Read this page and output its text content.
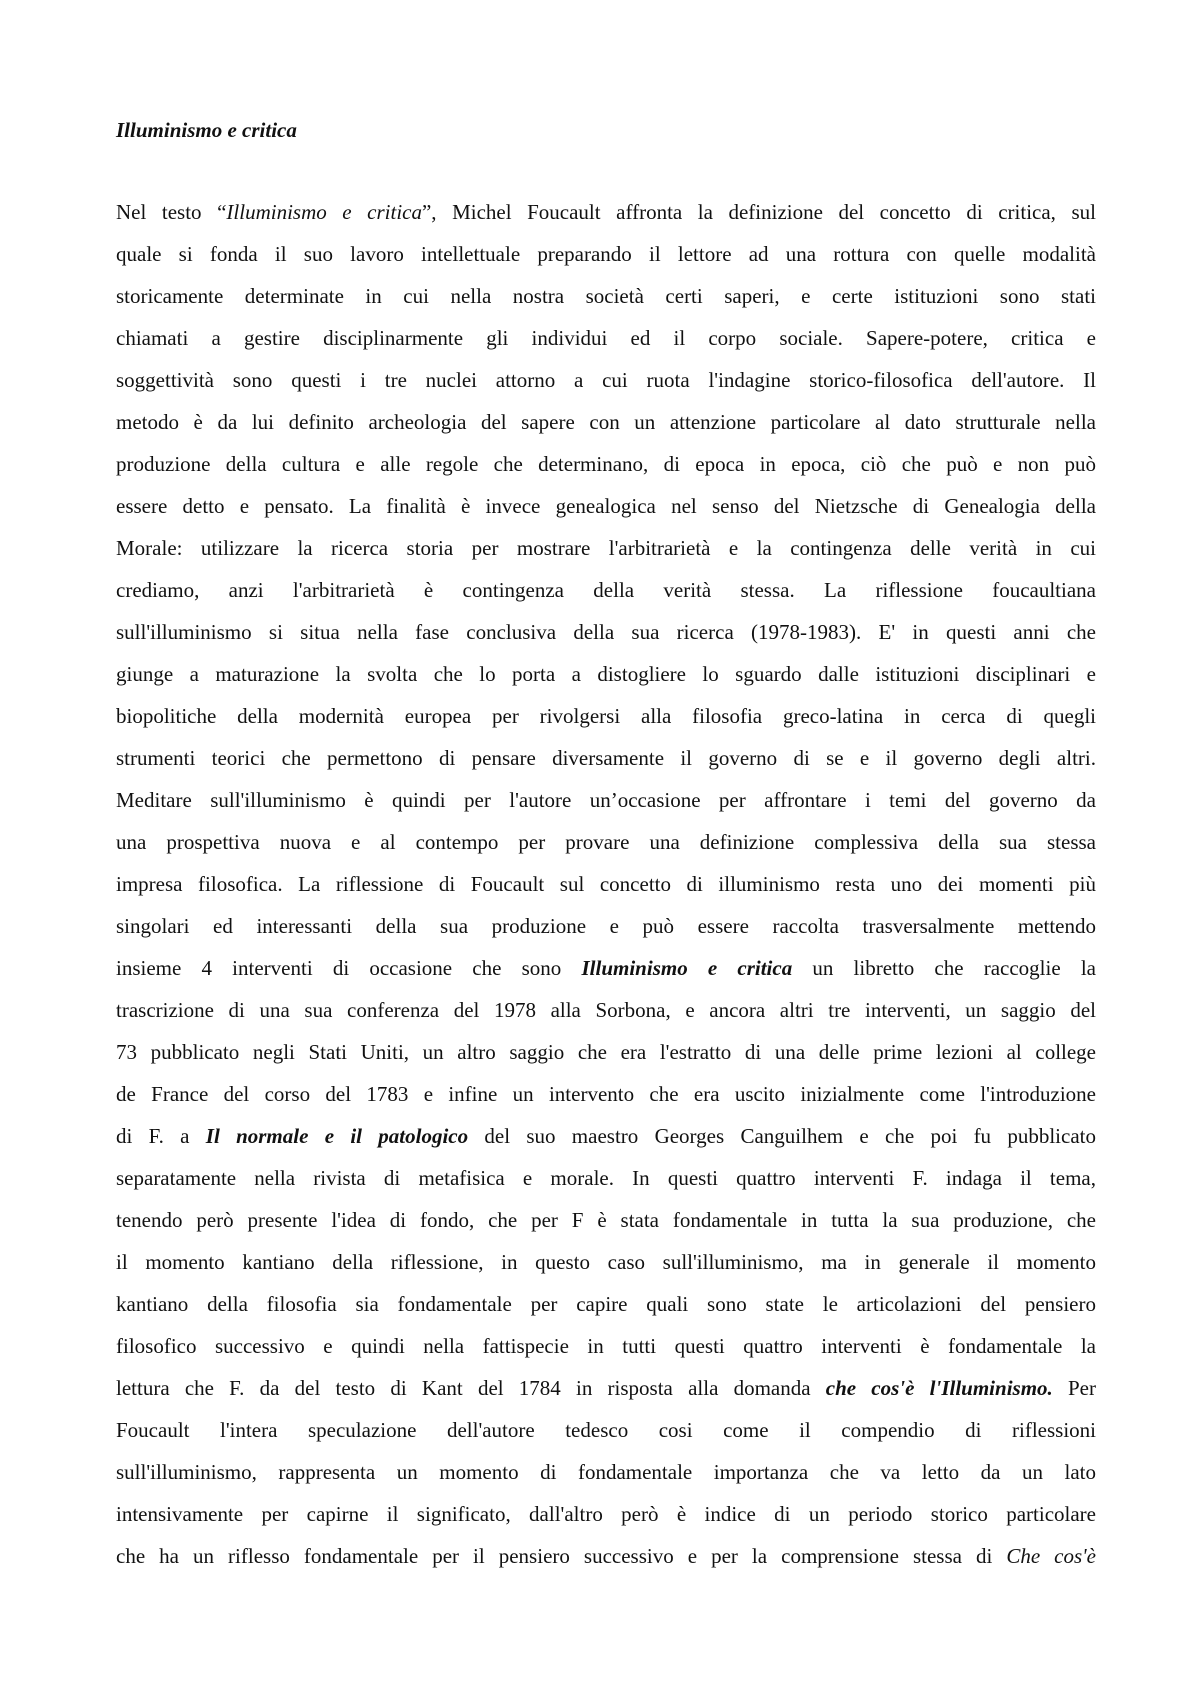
Illuminismo e critica
Nel testo “Illuminismo e critica”, Michel Foucault affronta la definizione del concetto di critica, sul
quale si fonda il suo lavoro intellettuale preparando il lettore ad una rottura con quelle modalità
storicamente determinate in cui nella nostra società certi saperi, e certe istituzioni sono stati
chiamati a gestire disciplinarmente gli individui ed il corpo sociale. Sapere-potere, critica e
soggettività sono questi i tre nuclei attorno a cui ruota l'indagine storico-filosofica dell'autore. Il
metodo è da lui definito archeologia del sapere con un attenzione particolare al dato strutturale nella
produzione della cultura e alle regole che determinano, di epoca in epoca, ciò che può e non può
essere detto e pensato. La finalità è invece genealogica nel senso del Nietzsche di Genealogia della
Morale: utilizzare la ricerca storia per mostrare l'arbitrarietà e la contingenza delle verità in cui
crediamo, anzi l'arbitrarietà è contingenza della verità stessa. La riflessione foucaultiana
sull'illuminismo si situa nella fase conclusiva della sua ricerca (1978-1983). E' in questi anni che
giunge a maturazione la svolta che lo porta a distogliere lo sguardo dalle istituzioni disciplinari e
biopolitiche della modernità europea per rivolgersi alla filosofia greco-latina in cerca di quegli
strumenti teorici che permettono di pensare diversamente il governo di se e il governo degli altri.
Meditare sull'illuminismo è quindi per l'autore un’occasione per affrontare i temi del governo da
una prospettiva nuova e al contempo per provare una definizione complessiva della sua stessa
impresa filosofica. La riflessione di Foucault sul concetto di illuminismo resta uno dei momenti più
singolari ed interessanti della sua produzione e può essere raccolta trasversalmente mettendo
insieme 4 interventi di occasione che sono Illuminismo e critica un libretto che raccoglie la
trascrizione di una sua conferenza del 1978 alla Sorbona, e ancora altri tre interventi, un saggio del
73 pubblicato negli Stati Uniti, un altro saggio che era l'estratto di una delle prime lezioni al college
de France del corso del 1783 e infine un intervento che era uscito inizialmente come l'introduzione
di F. a Il normale e il patologico del suo maestro Georges Canguilhem e che poi fu pubblicato
separatamente nella rivista di metafisica e morale. In questi quattro interventi F. indaga il tema,
tenendo però presente l'idea di fondo, che per F è stata fondamentale in tutta la sua produzione, che
il momento kantiano della riflessione, in questo caso sull'illuminismo, ma in generale il momento
kantiano della filosofia sia fondamentale per capire quali sono state le articolazioni del pensiero
filosofico successivo e quindi nella fattispecie in tutti questi quattro interventi è fondamentale la
lettura che F. da del testo di Kant del 1784 in risposta alla domanda che cos'è l'Illuminismo. Per
Foucault l'intera speculazione dell'autore tedesco cosi come il compendio di riflessioni
sull'illuminismo, rappresenta un momento di fondamentale importanza che va letto da un lato
intensivamente per capirne il significato, dall'altro però è indice di un periodo storico particolare
che ha un riflesso fondamentale per il pensiero successivo e per la comprensione stessa di Che cos'è
